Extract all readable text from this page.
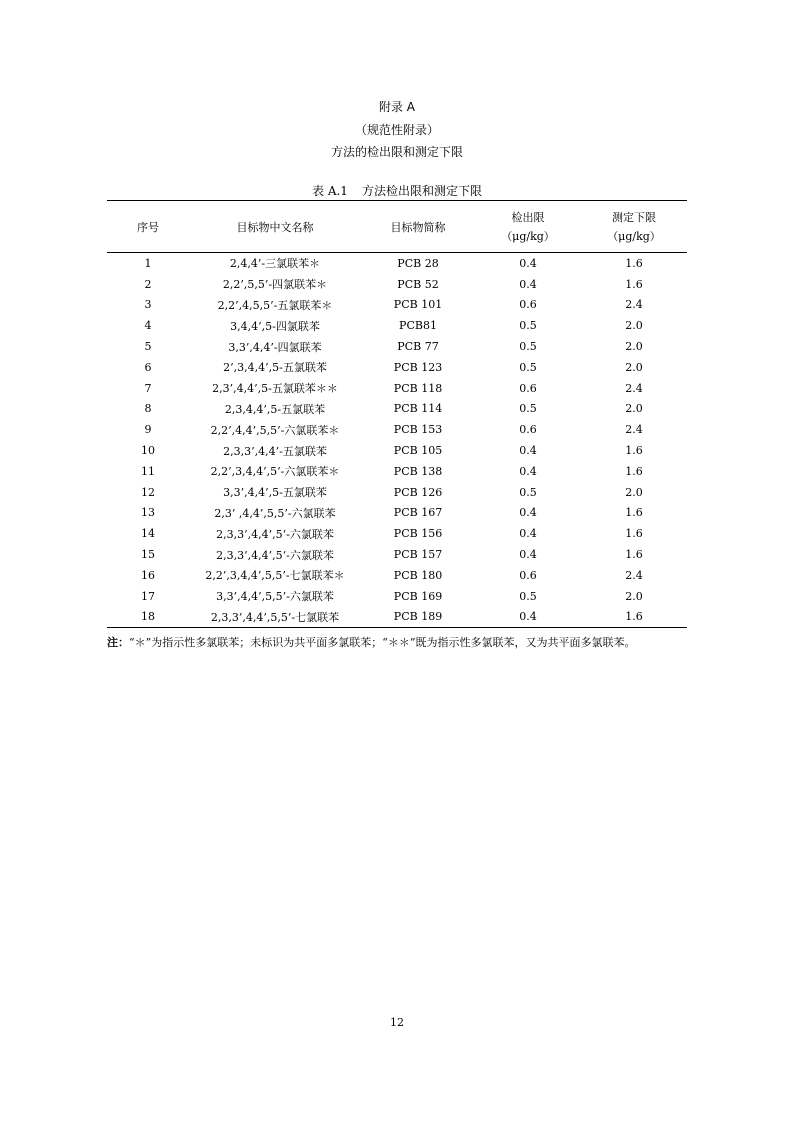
附录 A
（规范性附录）
方法的检出限和测定下限
表 A.1 方法检出限和测定下限
序号	目标物中文名称	目标物简称	检出限	测定下限
			（μg/kg）	（μg/kg）
1	2,4,4’-三氯联苯＊	PCB 28	0.4	1.6
2	2,2’,5,5’-四氯联苯＊	PCB 52	0.4	1.6
3	2,2’,4,5,5’-五氯联苯＊	PCB 101	0.6	2.4
4	3,4,4’,5-四氯联苯	PCB81	0.5	2.0
5	3,3’,4,4’-四氯联苯	PCB 77	0.5	2.0
6	2’,3,4,4’,5-五氯联苯	PCB 123	0.5	2.0
7	2,3’,4,4’,5-五氯联苯＊＊	PCB 118	0.6	2.4
8	2,3,4,4’,5-五氯联苯	PCB 114	0.5	2.0
9	2,2’,4,4’,5,5’-六氯联苯＊	PCB 153	0.6	2.4
10	2,3,3’,4,4’-五氯联苯	PCB 105	0.4	1.6
11	2,2’,3,4,4’,5’-六氯联苯＊	PCB 138	0.4	1.6
12	3,3’,4,4’,5-五氯联苯	PCB 126	0.5	2.0
13	2,3’ ,4,4’,5,5’-六氯联苯	PCB 167	0.4	1.6
14	2,3,3’,4,4’,5‘-六氯联苯	PCB 156	0.4	1.6
15	2,3,3’,4,4’,5‘-六氯联苯	PCB 157	0.4	1.6
16	2,2’,3,4,4’,5,5’-七氯联苯＊	PCB 180	0.6	2.4
17	3,3’,4,4’,5,5’-六氯联苯	PCB 169	0.5	2.0
18	2,3,3’,4,4’,5,5’-七氯联苯	PCB 189	0.4	1.6
注：“＊”为指示性多氯联苯；未标识为共平面多氯联苯；“＊＊”既为指示性多氯联苯，又为共平面多氯联苯。
12
